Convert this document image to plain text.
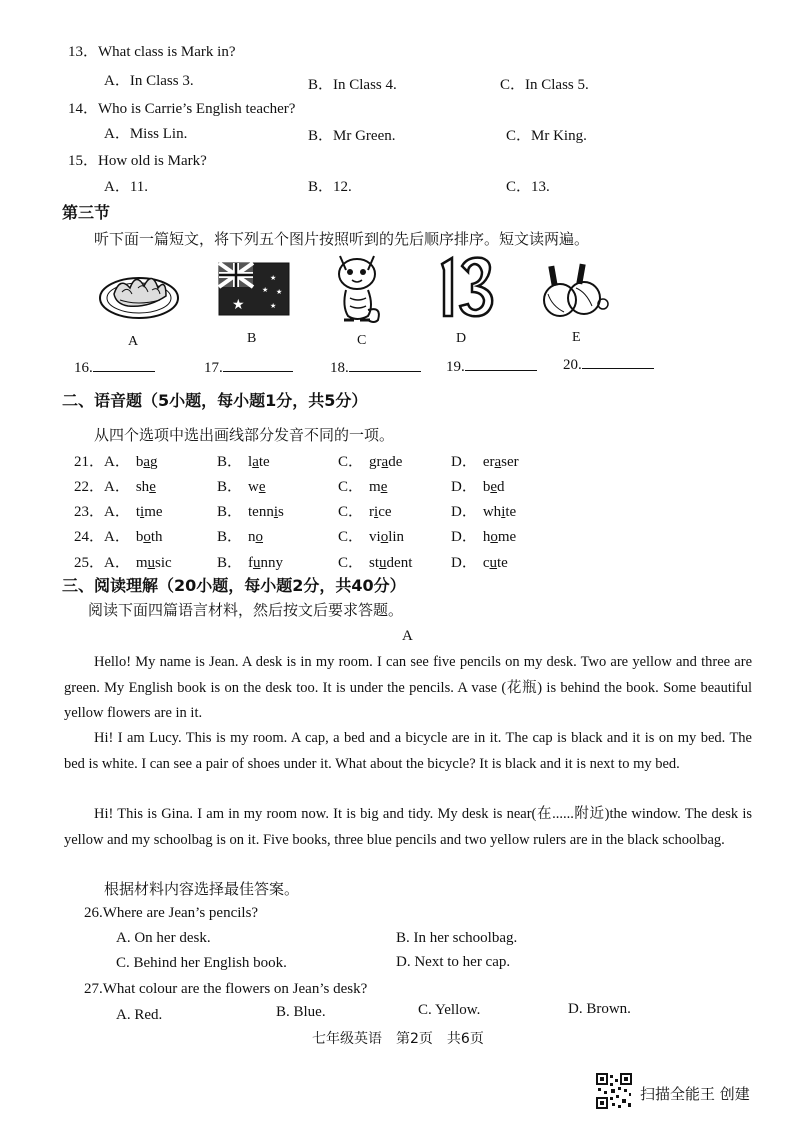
13．What class is Mark in?
A．In Class 3.	B．In Class 4.	C．In Class 5.
14．Who is Carrie’s English teacher?
A．Miss Lin.	B．Mr Green.	C．Mr King.
15．How old is Mark?
A．11.	B．12.	C．13.
第三节
听下面一篇短文，将下列五个图片按照听到的先后顺序排序。短文读两遍。
A
★
★
★ ★
★
B	C	D	E
16.	17.	18.	19.	20.
二、语音题（5小题，每小题1分，共5分）
从四个选项中选出画线部分发音不同的一项。
21． A． bag	B． late	C． grade	D． eraser
22． A． she	B． we	C． me	D． bed
23． A． time	B． tennis	C． rice	D． white
24． A． both	B． no	C． violin	D． home
25． A． music	B． funny	C． student	D． cute
三、阅读理解（20小题，每小题2分，共40分）
阅读下面四篇语言材料，然后按文后要求答题。
A
Hello! My name is Jean. A desk is in my room. I can see five pencils on my desk. Two are yellow and three are green. My English book is on the desk too. It is under the pencils. A vase (花瓶) is behind the book. Some beautiful yellow flowers are in it.
Hi! I am Lucy. This is my room. A cap, a bed and a bicycle are in it. The cap is black and it is on my bed. The bed is white. I can see a pair of shoes under it. What about the bicycle? It is black and it is next to my bed.
Hi! This is Gina. I am in my room now. It is big and tidy. My desk is near(在......附近)the window. The desk is yellow and my schoolbag is on it. Five books, three blue pencils and two yellow rulers are in the black schoolbag.
根据材料内容选择最佳答案。
26.Where are Jean’s pencils?
A. On her desk.	B. In her schoolbag.
C. Behind her English book.	D. Next to her cap.
27.What colour are the flowers on Jean’s desk?
A. Red.	B. Blue.	C. Yellow.	D. Brown.
七年级英语　第2页　共6页
扫描全能王 创建
